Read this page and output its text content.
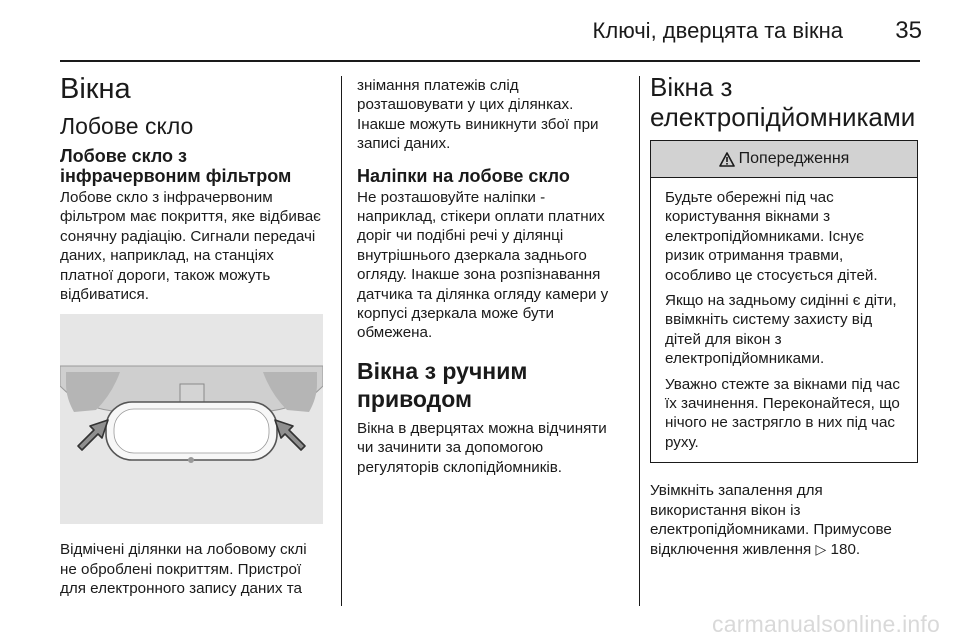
Ключі, дверцята та вікна 35
Вікна
Лобове скло
Лобове скло з інфрачервоним фільтром

Лобове скло з інфрачервоним фільтром має покриття, яке відбиває сонячну радіацію. Сигнали передачі даних, наприклад, на станціях платної дороги, також можуть відбиватися.

Відмічені ділянки на лобовому склі не оброблені покриттям. Пристрої для електронного запису даних та

знімання платежів слід розташовувати у цих ділянках. Інакше можуть виникнути збої при записі даних.

Наліпки на лобове скло

Не розташовуйте наліпки - наприклад, стікери оплати платних доріг чи подібні речі у ділянці внутрішнього дзеркала заднього огляду. Інакше зона розпізнавання датчика та ділянка огляду камери у корпусі дзеркала може бути обмежена.

Вікна з ручним приводом

Вікна в дверцятах можна відчиняти чи зачинити за допомогою регуляторів склопідйомників.

Вікна з електропідйомниками
Попередження

Будьте обережні під час користування вікнами з електропідйомниками. Існує ризик отримання травми, особливо це стосується дітей.

Якщо на задньому сидінні є діти, ввімкніть систему захисту від дітей для вікон з електропідйомниками.

Уважно стежте за вікнами під час їх зачинення. Переконайтеся, що нічого не застрягло в них під час руху.

Увімкніть запалення для використання вікон із електропідйомниками. Примусове відключення живлення ▷ 180.

carmanualsonline.info
